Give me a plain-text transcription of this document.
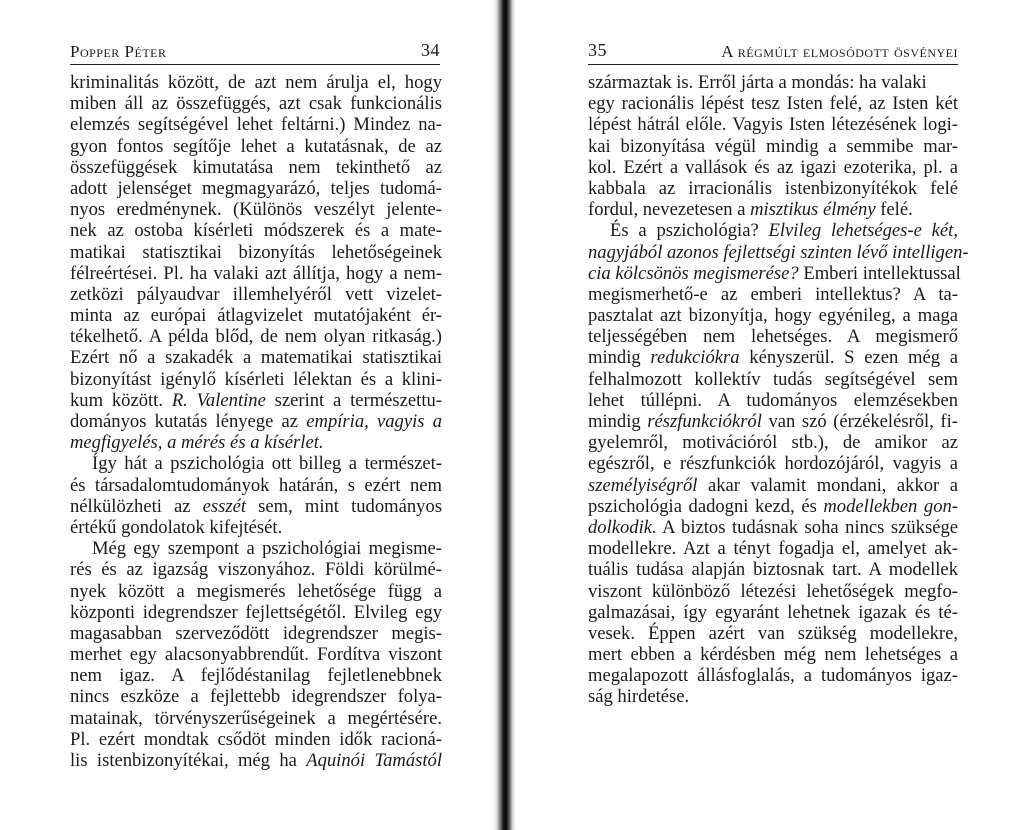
Popper Péter	34	35	A régmúlt elmosódott ösvényei
kriminalitás között, de azt nem árulja el, hogy
miben áll az összefüggés, azt csak funkcionális
elemzés segítségével lehet feltárni.) Mindez na-
gyon fontos segítője lehet a kutatásnak, de az
összefüggések kimutatása nem tekinthető az
adott jelenséget megmagyarázó, teljes tudomá-
nyos eredménynek. (Különös veszélyt jelente-
nek az ostoba kísérleti módszerek és a mate-
matikai statisztikai bizonyítás lehetőségeinek
félreértései. Pl. ha valaki azt állítja, hogy a nem-
zetközi pályaudvar illemhelyéről vett vizelet-
minta az európai átlagvizelet mutatójaként ér-
tékelhető. A példa blőd, de nem olyan ritkaság.)
Ezért nő a szakadék a matematikai statisztikai
bizonyítást igénylő kísérleti lélektan és a klini-
kum között. R. Valentine szerint a természettu-
dományos kutatás lényege az empíria, vagyis a
megfigyelés, a mérés és a kísérlet.
Így hát a pszichológia ott billeg a természet-
és társadalomtudományok határán, s ezért nem
nélkülözheti az esszét sem, mint tudományos
értékű gondolatok kifejtését.
Még egy szempont a pszichológiai megisme-
rés és az igazság viszonyához. Földi körülmé-
nyek között a megismerés lehetősége függ a
központi idegrendszer fejlettségétől. Elvileg egy
magasabban szerveződött idegrendszer megis-
merhet egy alacsonyabbrendűt. Fordítva viszont
nem igaz. A fejlődéstanilag fejletlenebbnek
nincs eszköze a fejlettebb idegrendszer folya-
matainak, törvényszerűségeinek a megértésére.
Pl. ezért mondtak csődöt minden idők racioná-
lis istenbizonyítékai, még ha Aquinói Tamástól
származtak is. Erről járta a mondás: ha valaki
egy racionális lépést tesz Isten felé, az Isten két
lépést hátrál előle. Vagyis Isten létezésének logi-
kai bizonyítása végül mindig a semmibe mar-
kol. Ezért a vallások és az igazi ezoterika, pl. a
kabbala az irracionális istenbizonyítékok felé
fordul, nevezetesen a misztikus élmény felé.
És a pszichológia? Elvileg lehetséges-e két,
nagyjából azonos fejlettségi szinten lévő intelligen-
cia kölcsönös megismerése? Emberi intellektussal
megismerhető-e az emberi intellektus? A ta-
pasztalat azt bizonyítja, hogy egyénileg, a maga
teljességében nem lehetséges. A megismerő
mindig redukciókra kényszerül. S ezen még a
felhalmozott kollektív tudás segítségével sem
lehet túllépni. A tudományos elemzésekben
mindig részfunkciókról van szó (érzékelésről, fi-
gyelemről, motivációról stb.), de amikor az
egészről, e részfunkciók hordozójáról, vagyis a
személyiségről akar valamit mondani, akkor a
pszichológia dadogni kezd, és modellekben gon-
dolkodik. A biztos tudásnak soha nincs szüksége
modellekre. Azt a tényt fogadja el, amelyet ak-
tuális tudása alapján biztosnak tart. A modellek
viszont különböző létezési lehetőségek megfo-
galmazásai, így egyaránt lehetnek igazak és té-
vesek. Éppen azért van szükség modellekre,
mert ebben a kérdésben még nem lehetséges a
megalapozott állásfoglalás, a tudományos igaz-
ság hirdetése.
